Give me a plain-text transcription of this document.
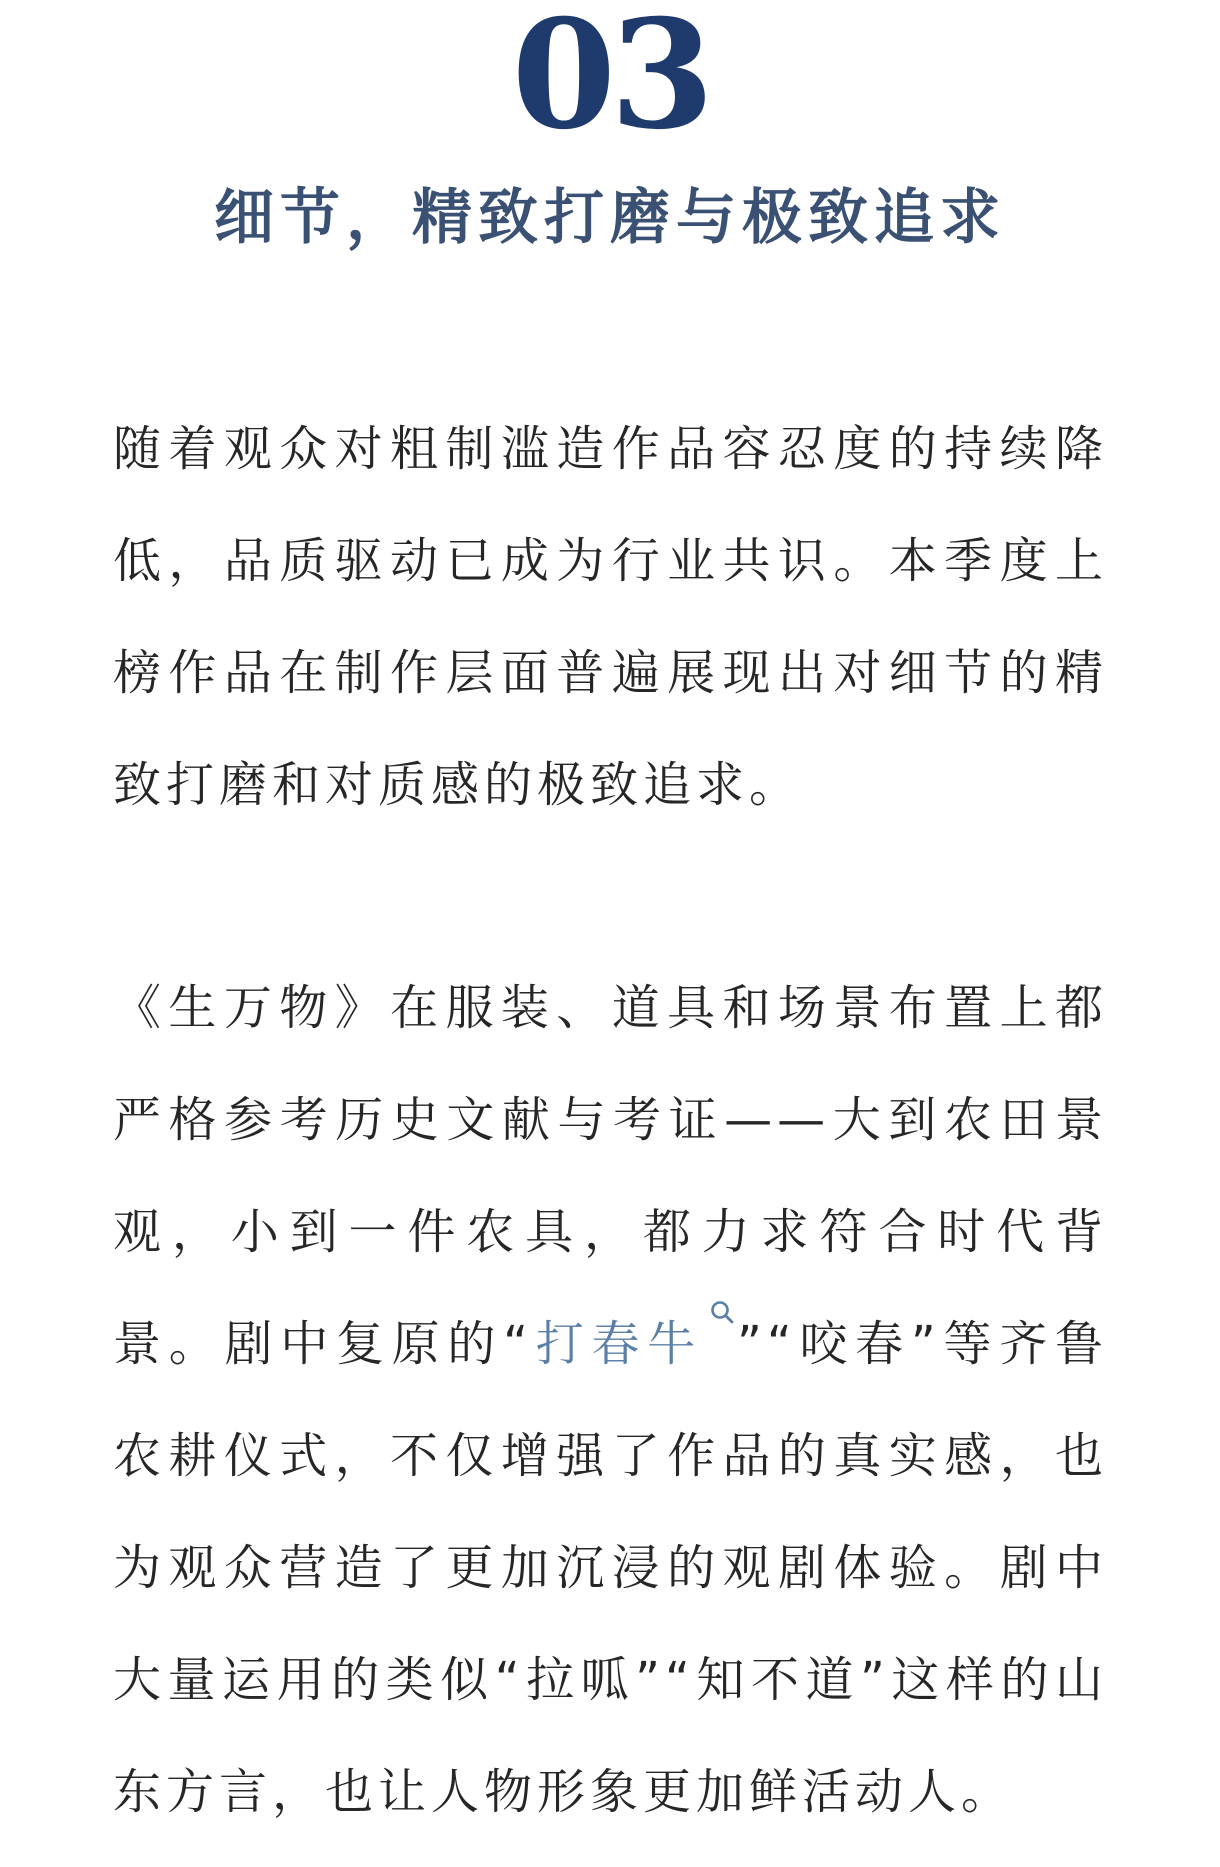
03
细节，精致打磨与极致追求

随着观众对粗制滥造作品容忍度的持续降低，品质驱动已成为行业共识。本季度上榜作品在制作层面普遍展现出对细节的精致打磨和对质感的极致追求。

《生万物》在服装、道具和场景布置上都严格参考历史文献与考证——大到农田景观，小到一件农具，都力求符合时代背景。剧中复原的“打春牛 ”“咬春”等齐鲁农耕仪式，不仅增强了作品的真实感，也为观众营造了更加沉浸的观剧体验。剧中大量运用的类似“拉呱”“知不道”这样的山东方言，也让人物形象更加鲜活动人。
